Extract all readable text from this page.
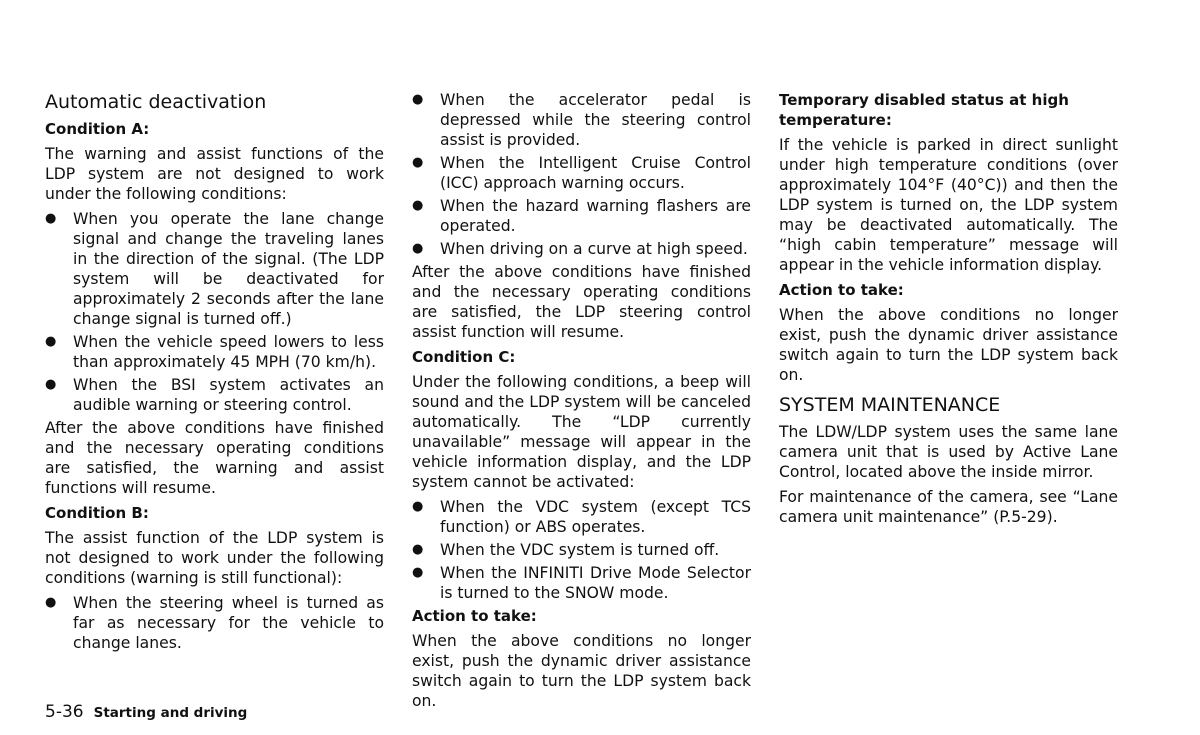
Automatic deactivation
Condition A:

The warning and assist functions of the LDP system are not designed to work under the following conditions:

● When you operate the lane change signal and change the traveling lanes in the direction of the signal. (The LDP system will be deactivated for approximately 2 seconds after the lane change signal is turned off.)
● When the vehicle speed lowers to less than approximately 45 MPH (70 km/h).
● When the BSI system activates an audible warning or steering control.

After the above conditions have finished and the necessary operating conditions are satisfied, the warning and assist functions will resume.

Condition B:

The assist function of the LDP system is not designed to work under the following conditions (warning is still functional):

● When the steering wheel is turned as far as necessary for the vehicle to change lanes.
● When the accelerator pedal is depressed while the steering control assist is provided.
● When the Intelligent Cruise Control (ICC) approach warning occurs.
● When the hazard warning flashers are operated.
● When driving on a curve at high speed.

After the above conditions have finished and the necessary operating conditions are satisfied, the LDP steering control assist function will resume.

Condition C:

Under the following conditions, a beep will sound and the LDP system will be canceled automatically. The “LDP currently unavailable” message will appear in the vehicle information display, and the LDP system cannot be activated:

● When the VDC system (except TCS function) or ABS operates.
● When the VDC system is turned off.
● When the INFINITI Drive Mode Selector is turned to the SNOW mode.
Action to take:

When the above conditions no longer exist, push the dynamic driver assistance switch again to turn the LDP system back on.

Temporary disabled status at high temperature:

If the vehicle is parked in direct sunlight under high temperature conditions (over approximately 104°F (40°C)) and then the LDP system is turned on, the LDP system may be deactivated automatically. The “high cabin temperature” message will appear in the vehicle information display.

Action to take:

When the above conditions no longer exist, push the dynamic driver assistance switch again to turn the LDP system back on.

SYSTEM MAINTENANCE

The LDW/LDP system uses the same lane camera unit that is used by Active Lane Control, located above the inside mirror.

For maintenance of the camera, see “Lane camera unit maintenance” (P.5-29).

5-36 Starting and driving
